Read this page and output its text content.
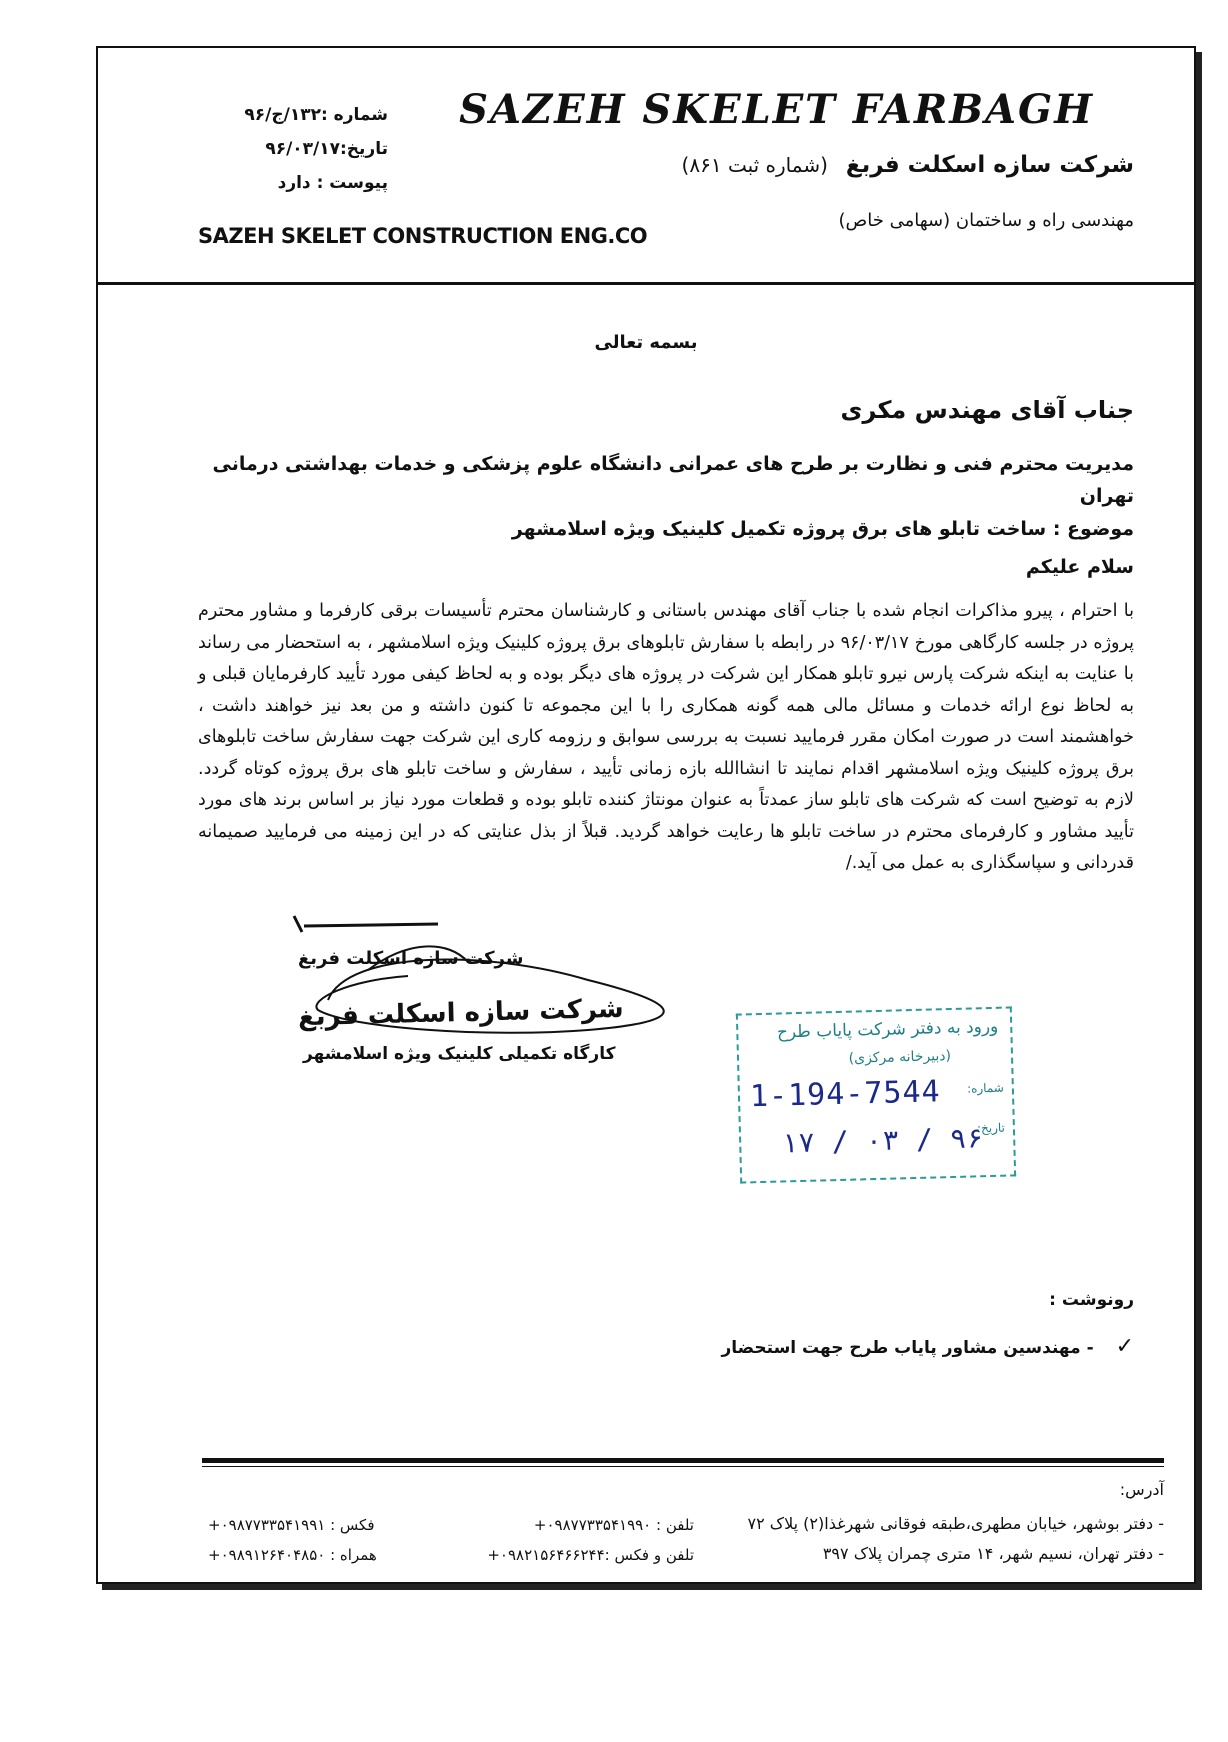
SAZEH SKELET FARBAGH
شرکت سازه اسکلت فربغ (شماره ثبت ۸۶۱)
مهندسی راه و ساختمان (سهامی خاص)
شماره :۱۳۲/ج/۹۶
تاریخ:۹۶/۰۳/۱۷
پیوست : دارد
SAZEH SKELET CONSTRUCTION ENG.CO
بسمه تعالی
جناب آقای مهندس مکری
مدیریت محترم فنی و نظارت بر طرح های عمرانی دانشگاه علوم پزشکی و خدمات بهداشتی درمانی تهران
موضوع : ساخت تابلو های برق پروژه تکمیل کلینیک ویژه اسلامشهر
سلام علیکم
با احترام ، پیرو مذاکرات انجام شده با جناب آقای مهندس باستانی و کارشناسان محترم تأسیسات برقی کارفرما و مشاور محترم پروژه در جلسه کارگاهی مورخ ۹۶/۰۳/۱۷ در رابطه با سفارش تابلوهای برق پروژه کلینیک ویژه اسلامشهر ، به استحضار می رساند با عنایت به اینکه شرکت پارس نیرو تابلو همکار این شرکت در پروژه های دیگر بوده و به لحاظ کیفی مورد تأیید کارفرمایان قبلی و به لحاظ نوع ارائه خدمات و مسائل مالی همه گونه همکاری را با این مجموعه تا کنون داشته و من بعد نیز خواهند داشت ، خواهشمند است در صورت امکان مقرر فرمایید نسبت به بررسی سوابق و رزومه کاری این شرکت جهت سفارش ساخت تابلوهای برق پروژه کلینیک ویژه اسلامشهر اقدام نمایند تا انشاالله بازه زمانی تأیید ، سفارش و ساخت تابلو های برق پروژه کوتاه گردد. لازم به توضیح است که شرکت های تابلو ساز عمدتاً به عنوان مونتاژ کننده تابلو بوده و قطعات مورد نیاز بر اساس برند های مورد تأیید مشاور و کارفرمای محترم در ساخت تابلو ها رعایت خواهد گردید. قبلاً از بذل عنایتی که در این زمینه می فرمایید صمیمانه قدردانی و سپاسگذاری به عمل می آید./
شرکت سازه اسکلت فربغ
شرکت سازه اسکلت فربغ
کارگاه تکمیلی کلینیک ویژه اسلامشهر
ورود به دفتر شرکت پایاب طرح
(دبیرخانه مرکزی)
شماره:
1-194-7544
تاریخ:
۹۶ / ۰۳ / ۱۷
رونوشت :
✓ - مهندسین مشاور پایاب طرح جهت استحضار
آدرس:
- دفتر بوشهر، خیابان مطهری،طبقه فوقانی شهرغذا(۲) پلاک ۷۲
- دفتر تهران، نسیم شهر، ۱۴ متری چمران پلاک ۳۹۷
تلفن : ۰۹۸۷۷۳۳۵۴۱۹۹۰+
فکس : ۰۹۸۷۷۳۳۵۴۱۹۹۱+
تلفن و فکس :۰۹۸۲۱۵۶۴۶۶۲۴۴+
همراه : ۰۹۸۹۱۲۶۴۰۴۸۵۰+
